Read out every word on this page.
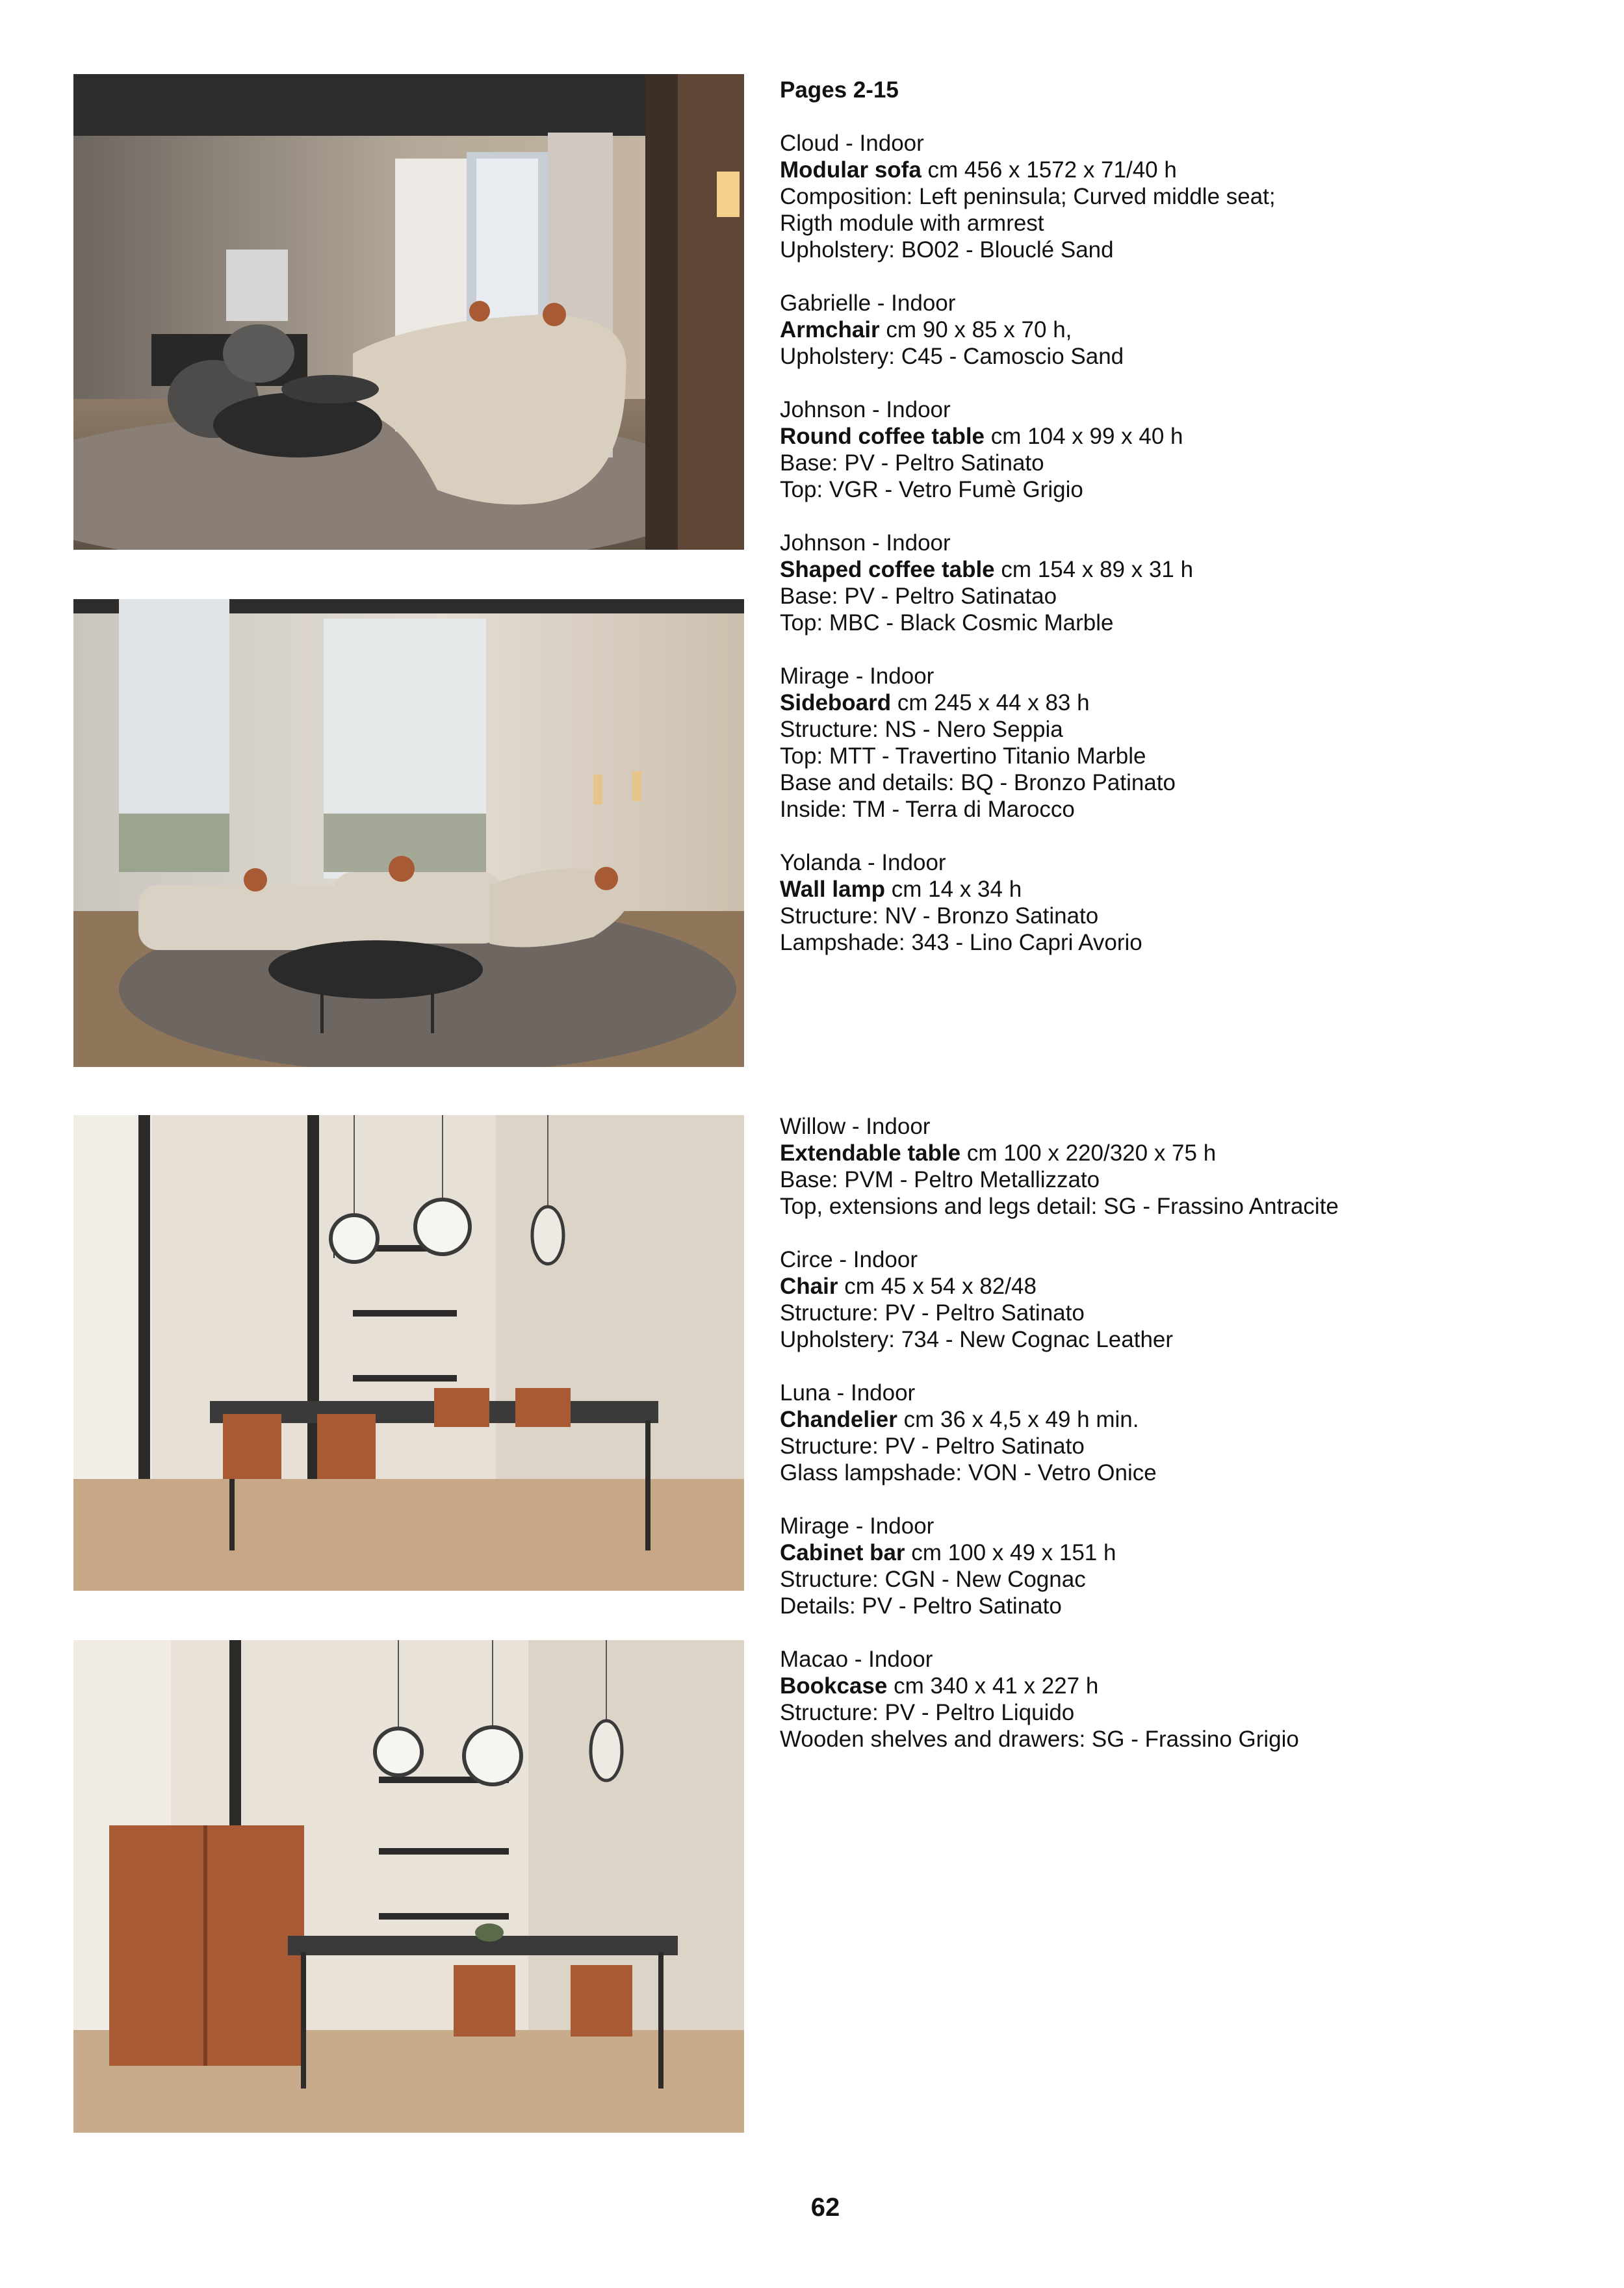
Pages 2-15

Cloud - Indoor

Modular sofa cm 456 x 1572 x 71/40 h

Composition: Left peninsula; Curved middle seat;

Rigth module with armrest

Upholstery: BO02 - Blouclé Sand

Gabrielle - Indoor

Armchair cm 90 x 85 x 70 h,

Upholstery: C45 - Camoscio Sand

Johnson - Indoor

Round coffee table cm 104 x 99 x 40 h

Base: PV - Peltro Satinato

Top: VGR - Vetro Fumè Grigio

Johnson - Indoor

Shaped coffee table cm 154 x 89 x 31 h

Base: PV - Peltro Satinatao

Top: MBC - Black Cosmic Marble

Mirage - Indoor

Sideboard cm 245 x 44 x 83 h

Structure: NS - Nero Seppia

Top: MTT - Travertino Titanio Marble

Base and details: BQ - Bronzo Patinato

Inside: TM - Terra di Marocco

Yolanda - Indoor

Wall lamp cm 14 x 34 h

Structure: NV - Bronzo Satinato

Lampshade: 343 - Lino Capri Avorio

Willow - Indoor

Extendable table cm 100 x 220/320 x 75 h

Base: PVM - Peltro Metallizzato

Top, extensions and legs detail: SG - Frassino Antracite

Circe - Indoor

Chair cm 45 x 54 x 82/48

Structure: PV - Peltro Satinato

Upholstery: 734 - New Cognac Leather

Luna - Indoor

Chandelier cm 36 x 4,5 x 49 h min.

Structure: PV - Peltro Satinato

Glass lampshade: VON - Vetro Onice

Mirage - Indoor

Cabinet bar cm 100 x 49 x 151 h

Structure: CGN - New Cognac

Details: PV - Peltro Satinato

Macao - Indoor

Bookcase cm 340 x 41 x 227 h

Structure: PV - Peltro Liquido

Wooden shelves and drawers: SG - Frassino Grigio

62
